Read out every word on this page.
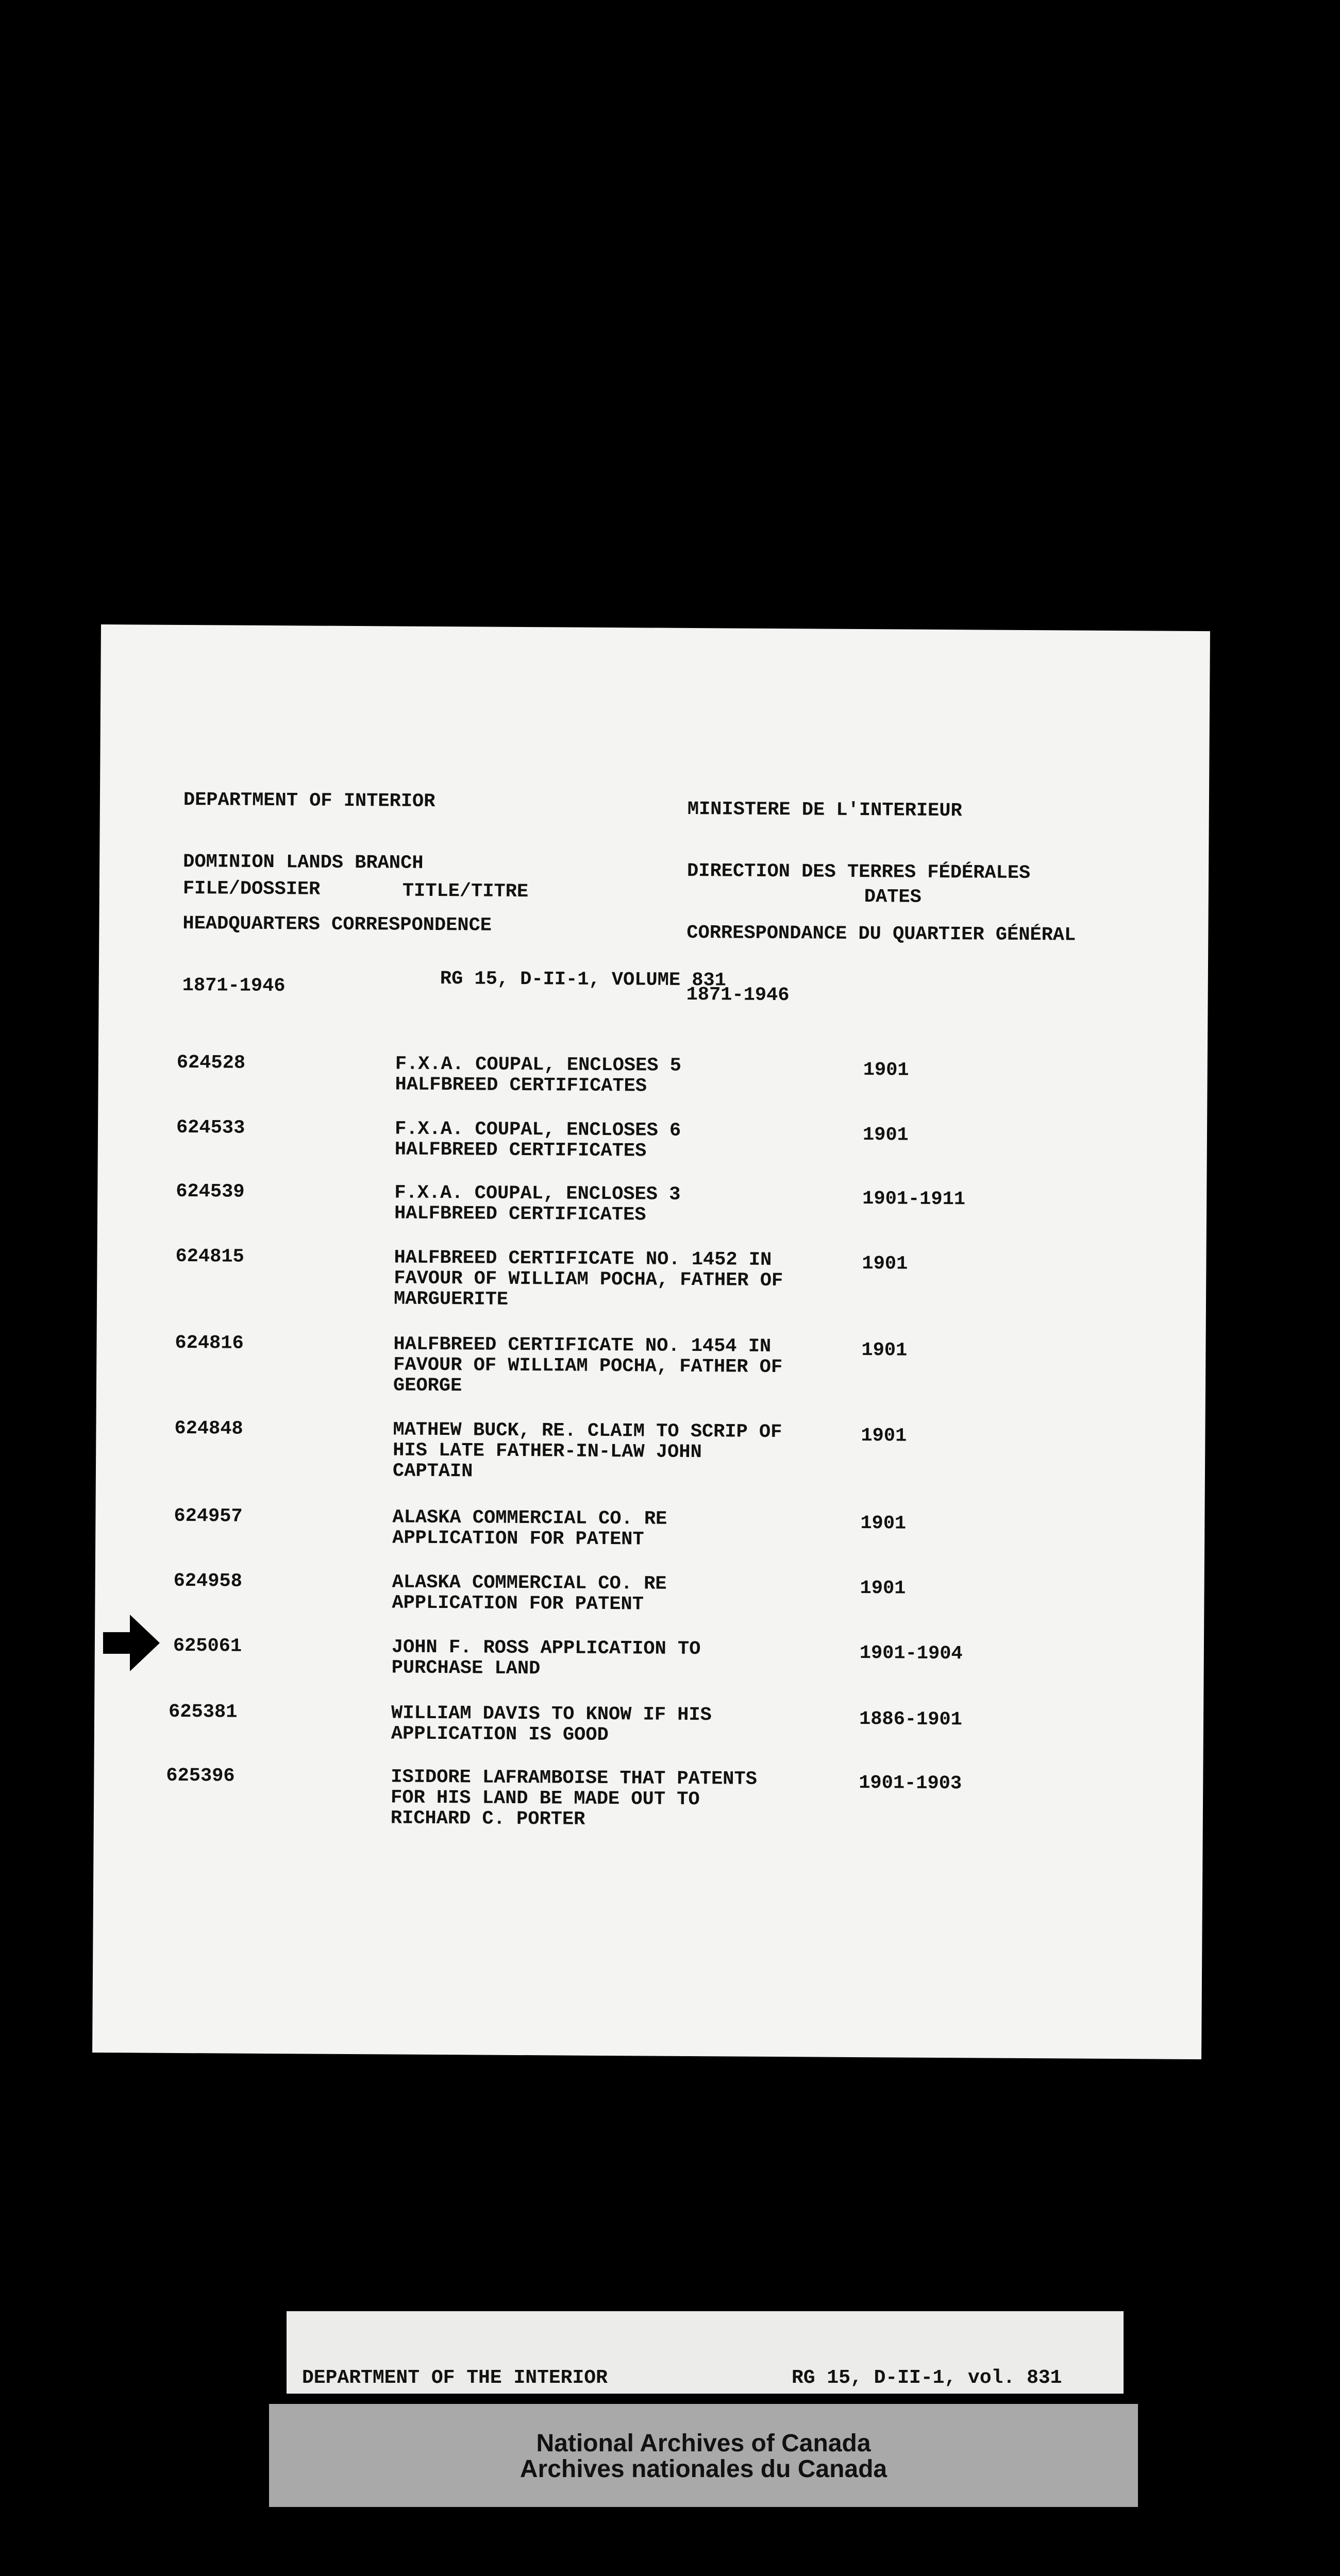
DEPARTMENT OF INTERIOR

DOMINION LANDS BRANCH

HEADQUARTERS CORRESPONDENCE

1871-1946

MINISTERE DE L'INTERIEUR

DIRECTION DES TERRES FÉDÉRALES

CORRESPONDANCE DU QUARTIER GÉNÉRAL

1871-1946

FILE/DOSSIER	TITLE/TITRE	DATES
RG 15, D-II-1, VOLUME 831
624528	F.X.A. COUPAL, ENCLOSES 5
HALFBREED CERTIFICATES
1901
624533	F.X.A. COUPAL, ENCLOSES 6
HALFBREED CERTIFICATES
1901
624539	F.X.A. COUPAL, ENCLOSES 3
HALFBREED CERTIFICATES
1901-1911
624815	HALFBREED CERTIFICATE NO. 1452 IN
FAVOUR OF WILLIAM POCHA, FATHER OF
MARGUERITE
1901
624816	HALFBREED CERTIFICATE NO. 1454 IN
FAVOUR OF WILLIAM POCHA, FATHER OF
GEORGE
1901
624848	MATHEW BUCK, RE. CLAIM TO SCRIP OF
HIS LATE FATHER-IN-LAW JOHN
CAPTAIN
1901
624957	ALASKA COMMERCIAL CO. RE
APPLICATION FOR PATENT
1901
624958	ALASKA COMMERCIAL CO. RE
APPLICATION FOR PATENT
1901
625061	JOHN F. ROSS APPLICATION TO
PURCHASE LAND
1901-1904
625381	WILLIAM DAVIS TO KNOW IF HIS
APPLICATION IS GOOD
1886-1901
625396	ISIDORE LAFRAMBOISE THAT PATENTS
FOR HIS LAND BE MADE OUT TO
RICHARD C. PORTER
1901-1903

DEPARTMENT OF THE INTERIOR

	RG 15, D-II-1, vol. 831

National Archives of Canada
Archives nationales du Canada
